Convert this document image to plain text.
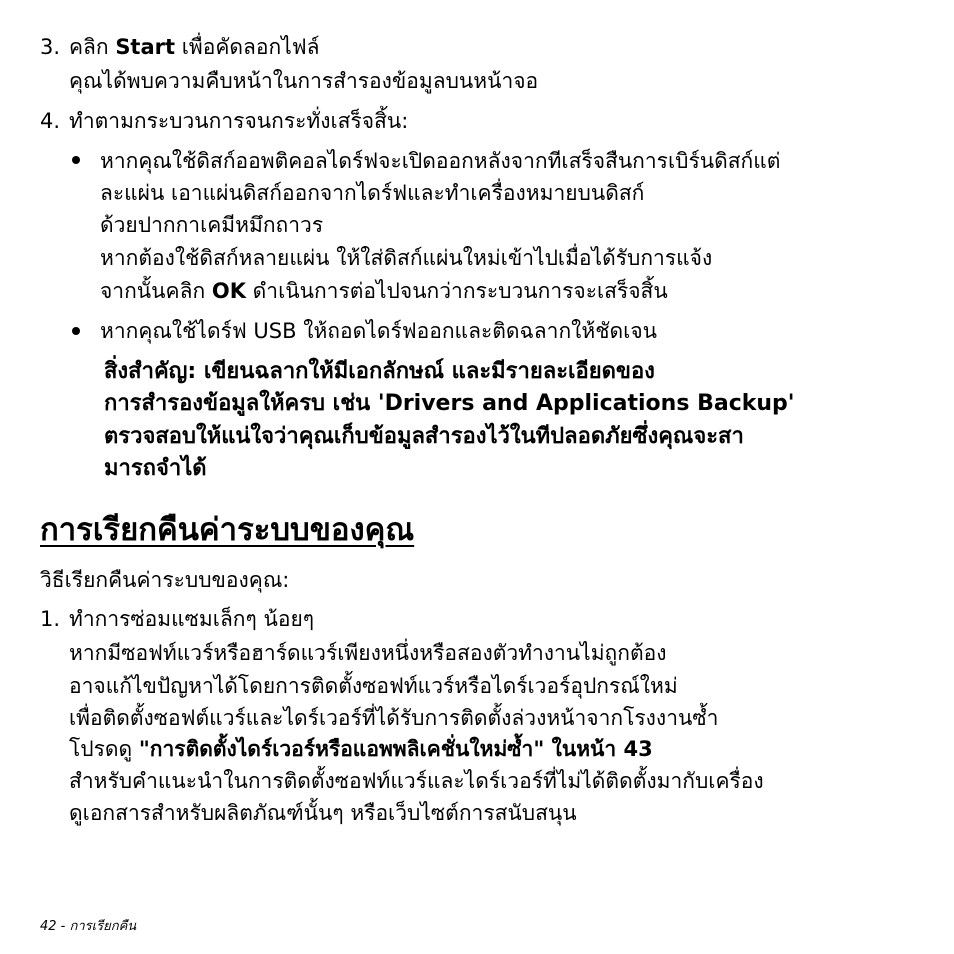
3. คลิก Start เพื่อคัดลอกไฟล์
คุณได้พบความคืบหน้าในการสำรองข้อมูลบนหน้าจอ
4. ทำตามกระบวนการจนกระทั่งเสร็จสิ้น:
หากคุณใช้ดิสก์ออพติคอลไดร์ฟจะเปิดออกหลังจากทีเสร็จสืนการเบิร์นดิสก์แต่
ละแผ่น เอาแผ่นดิสก์ออกจากไดร์ฟและทำเครื่องหมายบนดิสก์
ด้วยปากกาเคมีหมึกถาวร
หากต้องใช้ดิสก์หลายแผ่น ให้ใส่ดิสก์แผ่นใหม่เข้าไปเมื่อได้รับการแจ้ง
จากนั้นคลิก OK ดำเนินการต่อไปจนกว่ากระบวนการจะเสร็จสิ้น
หากคุณใช้ไดร์ฟ USB ให้ถอดไดร์ฟออกและติดฉลากให้ชัดเจน
สิ่งสำคัญ: เขียนฉลากให้มีเอกลักษณ์ และมีรายละเอียดของ
การสำรองข้อมูลให้ครบ เช่น 'Drivers and Applications Backup'
ตรวจสอบให้แน่ใจว่าคุณเก็บข้อมูลสำรองไว้ในทีปลอดภัยซึ่งคุณจะสา
มารถจำได้
การเรียกคืนค่าระบบของคุณ
วิธีเรียกคืนค่าระบบของคุณ:
1. ทำการซ่อมแซมเล็กๆ น้อยๆ
หากมีซอฟท์แวร์หรือฮาร์ดแวร์เพียงหนึ่งหรือสองตัวทำงานไม่ถูกต้อง
อาจแก้ไขปัญหาได้โดยการติดตั้งซอฟท์แวร์หรือไดร์เวอร์อุปกรณ์ใหม่
เพื่อติดตั้งซอฟต์แวร์และไดร์เวอร์ที่ได้รับการติดตั้งล่วงหน้าจากโรงงานซ้ำ
โปรดดู "การติดตั้งไดร์เวอร์หรือแอพพลิเคชั่นใหม่ซ้ำ" ในหน้า 43
สำหรับคำแนะนำในการติดตั้งซอฟท์แวร์และไดร์เวอร์ที่ไม่ได้ติดตั้งมากับเครื่อง
ดูเอกสารสำหรับผลิตภัณฑ์นั้นๆ หรือเว็บไซต์การสนับสนุน
42 - การเรียกคืน
